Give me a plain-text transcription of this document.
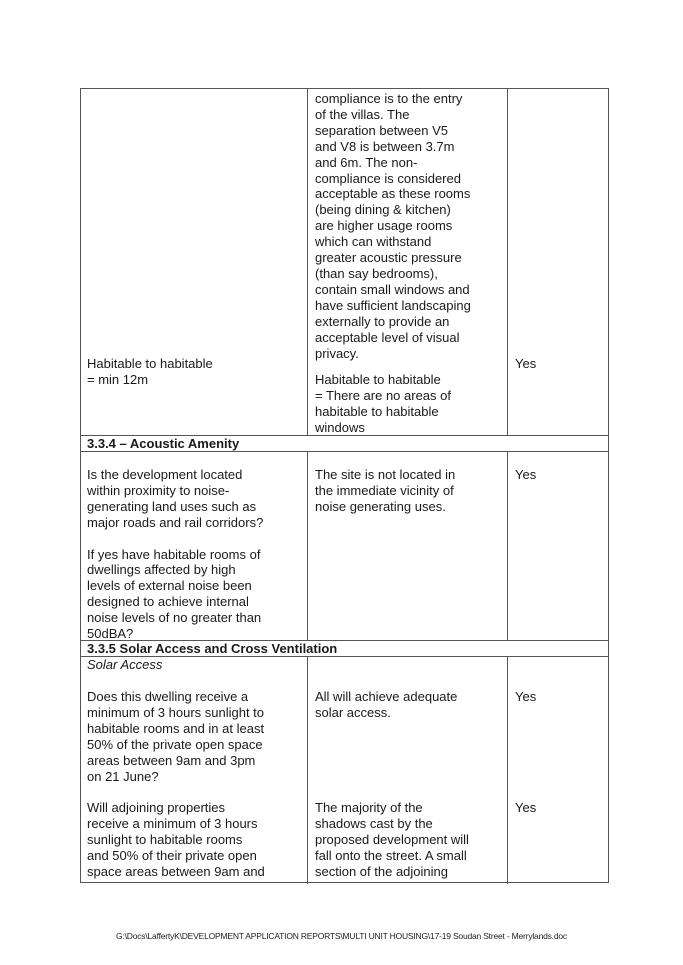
compliance is to the entry
of the villas. The
separation between V5
and V8 is between 3.7m
and 6m. The non-
compliance is considered
acceptable as these rooms
(being dining & kitchen)
are higher usage rooms
which can withstand
greater acoustic pressure
(than say bedrooms),
contain small windows and
have sufficient landscaping
externally to provide an
acceptable level of visual
privacy.
Habitable to habitable
= min 12m	Habitable to habitable
= There are no areas of
habitable to habitable
windows
Yes
3.3.4 – Acoustic Amenity
Is the development located
within proximity to noise-
generating land uses such as
major roads and rail corridors?

If yes have habitable rooms of
dwellings affected by high
levels of external noise been
designed to achieve internal
noise levels of no greater than
50dBA?
The site is not located in
the immediate vicinity of
noise generating uses.
Yes
3.3.5 Solar Access and Cross Ventilation
Solar Access
Does this dwelling receive a
minimum of 3 hours sunlight to
habitable rooms and in at least
50% of the private open space
areas between 9am and 3pm
on 21 June?
All will achieve adequate
solar access.
Yes
Will adjoining properties
receive a minimum of 3 hours
sunlight to habitable rooms
and 50% of their private open
space areas between 9am and
The majority of the
shadows cast by the
proposed development will
fall onto the street. A small
section of the adjoining
Yes
G:\Docs\LaffertyK\DEVELOPMENT APPLICATION REPORTS\MULTI UNIT HOUSING\17-19 Soudan Street - Merrylands.doc
